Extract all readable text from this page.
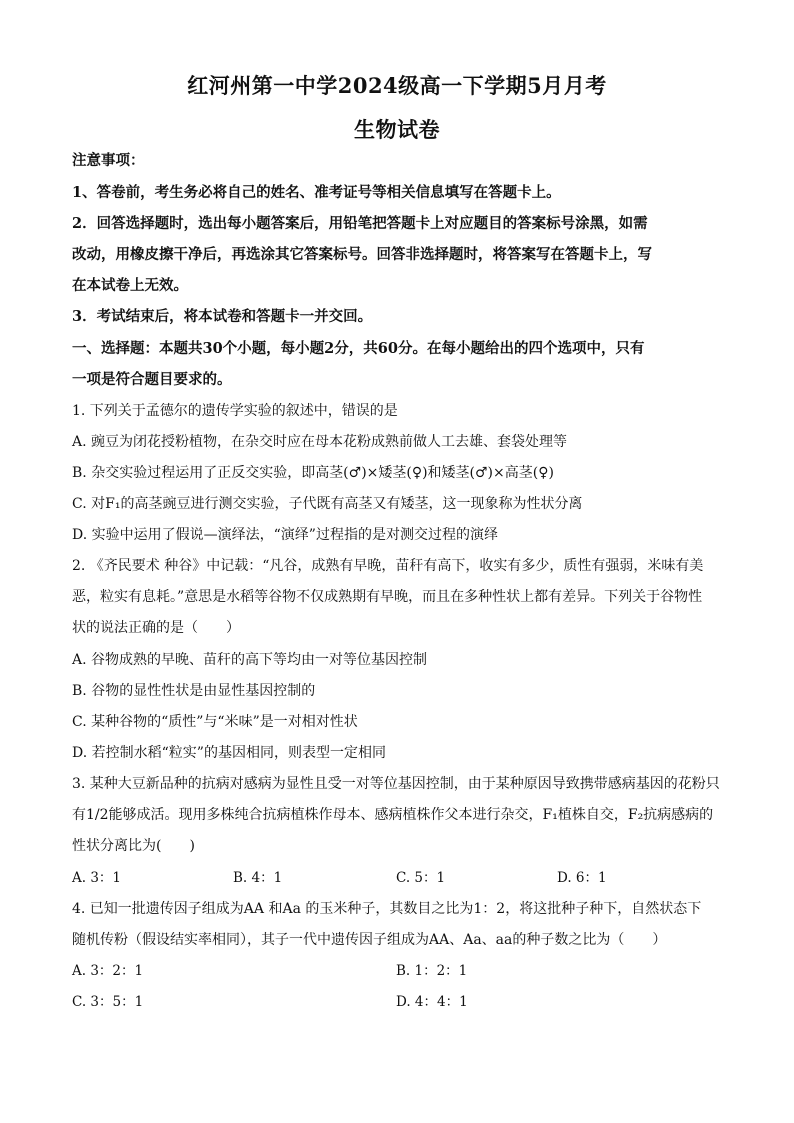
红河州第一中学2024级高一下学期5月月考
生物试卷
注意事项：
1、答卷前，考生务必将自己的姓名、准考证号等相关信息填写在答题卡上。
2．回答选择题时，选出每小题答案后，用铅笔把答题卡上对应题目的答案标号涂黑，如需
改动，用橡皮擦干净后，再选涂其它答案标号。回答非选择题时，将答案写在答题卡上，写
在本试卷上无效。
3．考试结束后，将本试卷和答题卡一并交回。
一、选择题：本题共30个小题，每小题2分，共60分。在每小题给出的四个选项中，只有
一项是符合题目要求的。
1. 下列关于孟德尔的遗传学实验的叙述中，错误的是
A. 豌豆为闭花授粉植物，在杂交时应在母本花粉成熟前做人工去雄、套袋处理等
B. 杂交实验过程运用了正反交实验，即高茎(♂)×矮茎(♀)和矮茎(♂)×高茎(♀)
C. 对F₁的高茎豌豆进行测交实验，子代既有高茎又有矮茎，这一现象称为性状分离
D. 实验中运用了假说—演绎法，“演绎”过程指的是对测交过程的演绎
2. 《齐民要术 种谷》中记载：“凡谷，成熟有早晚，苗秆有高下，收实有多少，质性有强弱，米味有美
恶，粒实有息耗。”意思是水稻等谷物不仅成熟期有早晚，而且在多种性状上都有差异。下列关于谷物性
状的说法正确的是（　　）
A. 谷物成熟的早晚、苗秆的高下等均由一对等位基因控制
B. 谷物的显性性状是由显性基因控制的
C. 某种谷物的“质性”与“米味”是一对相对性状
D. 若控制水稻“粒实”的基因相同，则表型一定相同
3. 某种大豆新品种的抗病对感病为显性且受一对等位基因控制，由于某种原因导致携带感病基因的花粉只
有1/2能够成活。现用多株纯合抗病植株作母本、感病植株作父本进行杂交，F₁植株自交，F₂抗病感病的
性状分离比为(　　)
A. 3：1	B. 4：1	C. 5：1	D. 6：1
4. 已知一批遗传因子组成为AA 和Aa 的玉米种子，其数目之比为1：2，将这批种子种下，自然状态下
随机传粉（假设结实率相同），其子一代中遗传因子组成为AA、Aa、aa的种子数之比为（　　）
A. 3：2：1	B. 1：2：1
C. 3：5：1	D. 4：4：1
